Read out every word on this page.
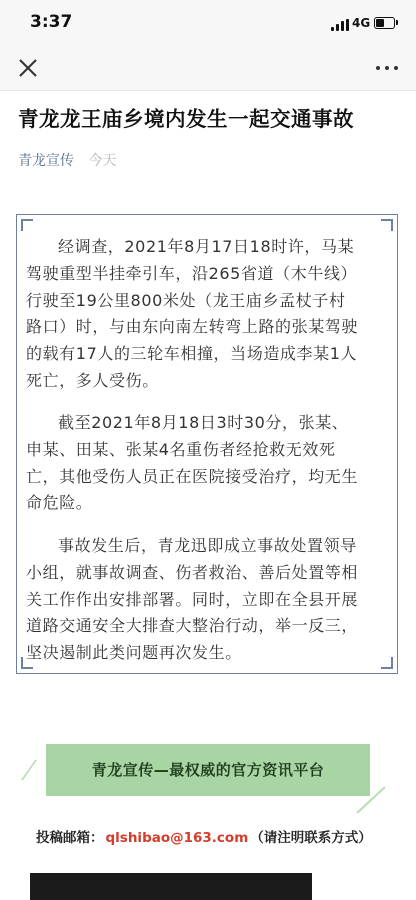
3:37	4G
青龙龙王庙乡境内发生一起交通事故
青龙宣传 今天

经调查，2021年8月17日18时许，马某驾驶重型半挂牵引车，沿265省道（木牛线）行驶至19公里800米处（龙王庙乡孟杖子村路口）时，与由东向南左转弯上路的张某驾驶的载有17人的三轮车相撞，当场造成李某1人死亡，多人受伤。

截至2021年8月18日3时30分，张某、申某、田某、张某4名重伤者经抢救无效死亡，其他受伤人员正在医院接受治疗，均无生命危险。

事故发生后，青龙迅即成立事故处置领导小组，就事故调查、伤者救治、善后处置等相关工作作出安排部署。同时，立即在全县开展道路交通安全大排查大整治行动，举一反三，坚决遏制此类问题再次发生。

青龙宣传—最权威的官方资讯平台
投稿邮箱： qlshibao@163.com （请注明联系方式）
